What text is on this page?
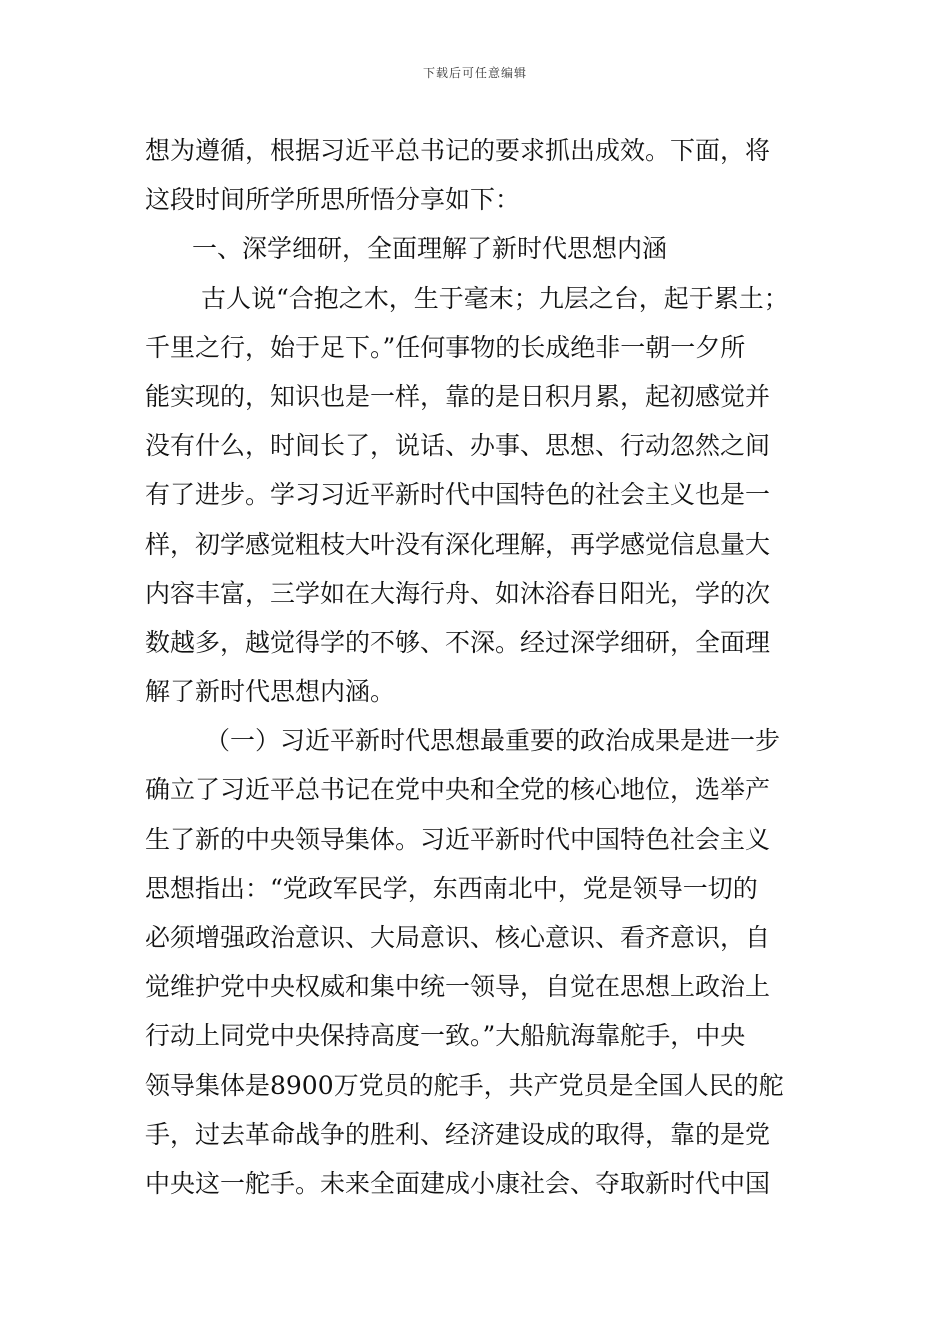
下载后可任意编辑
想为遵循，根据习近平总书记的要求抓出成效。下面，将
这段时间所学所思所悟分享如下：
一、深学细研，全面理解了新时代思想内涵
古人说“合抱之木，生于毫末；九层之台，起于累土；
千里之行，始于足下。”任何事物的长成绝非一朝一夕所
能实现的，知识也是一样，靠的是日积月累，起初感觉并
没有什么，时间长了，说话、办事、思想、行动忽然之间
有了进步。学习习近平新时代中国特色的社会主义也是一
样，初学感觉粗枝大叶没有深化理解，再学感觉信息量大
内容丰富，三学如在大海行舟、如沐浴春日阳光，学的次
数越多，越觉得学的不够、不深。经过深学细研，全面理
解了新时代思想内涵。
（一）习近平新时代思想最重要的政治成果是进一步
确立了习近平总书记在党中央和全党的核心地位，选举产
生了新的中央领导集体。习近平新时代中国特色社会主义
思想指出：“党政军民学，东西南北中，党是领导一切的
必须增强政治意识、大局意识、核心意识、看齐意识，自
觉维护党中央权威和集中统一领导，自觉在思想上政治上
行动上同党中央保持高度一致。”大船航海靠舵手，中央
领导集体是8900万党员的舵手，共产党员是全国人民的舵
手，过去革命战争的胜利、经济建设成的取得，靠的是党
中央这一舵手。未来全面建成小康社会、夺取新时代中国
